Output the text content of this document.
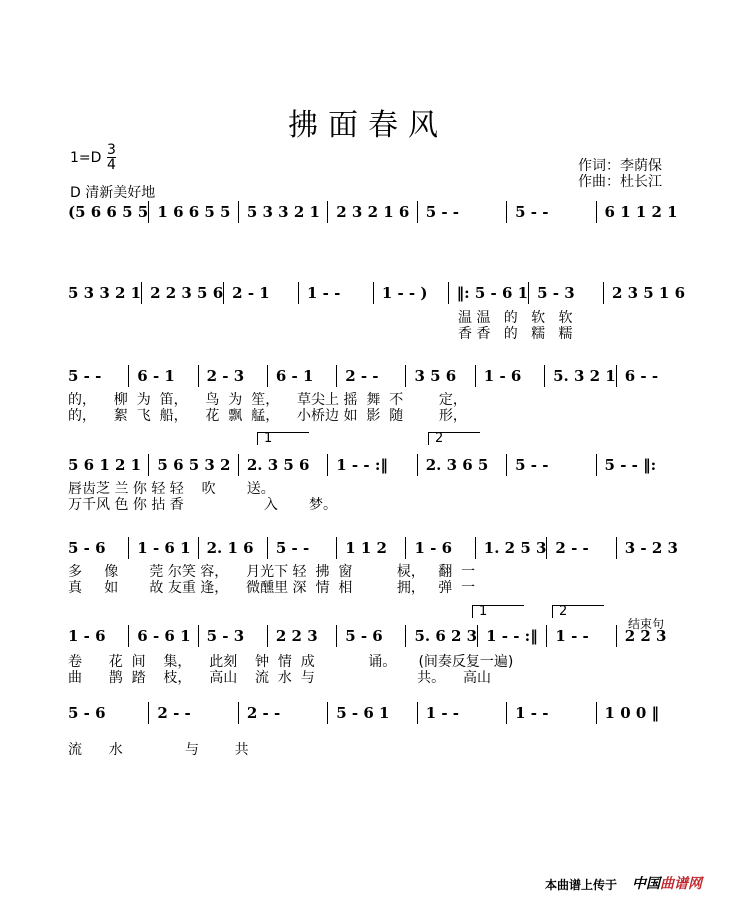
拂面春风
$1=D \frac{3}{4}$
D 清新美好地
作词：李荫保
作曲：杜长江
(5 6 6 5 5 1 6 6 5 5	5 3 3 2 1	2 3 2 1 6	5 - -	5 - -	6 1 1 2 1
5 3 3 2 1 2 2 3 5 6 2 - 1	1 - -	1 - - )	‖: 5 - 6 1 5 - 3	2 3 5 1 6
温 温   的   软   软
香 香   的   糯   糯
5 - -	6 - 1	2 - 3	6 - 1	2 - -	3 5 6	1 - 6	5. 3 2 1 6 - -
的，    柳  为  笛，    鸟  为  笙，    草尖上 摇  舞  不        定，
的，    絮  飞  船，    花  飘  艋，    小桥边 如  影  随        形，
5 6 1 2 1	5 6 5 3 2	2. 3 5 6	1 - - :‖	2. 3 6 5	5 - -	5 - - ‖:
唇齿芝 兰 你 轻 轻    吹       送。
万千风 色 你 拈 香                  入       梦。
5 - 6	1 - 6 1	2. 1 6	5 - -	1 1 2	1 - 6	1. 2 5 3 2 - -	3 - 2 3
多     像       莞 尔笑 容，    月光下 轻  拂  窗          棂，   翻  一
真     如       故 友重 逢，    微醺里 深  情  相          拥，   弹  一
1 - 6	6 - 6 1	5 - 3	2 2 3	5 - 6	5. 6 2 3 1 - - :‖	1 - -	2 2 3
卷      花  间    集，    此刻    钟  情  成            诵。     (间奏反复一遍)
曲      鹊  踏    枝，    高山    流  水  与                       共。    高山
5 - 6	2 - -	2 - -	5 - 6 1	1 - -	1 - -	1 0 0 ‖
流      水              与        共
1	2
1	2
结束句
本曲谱上传于 中国曲谱网
